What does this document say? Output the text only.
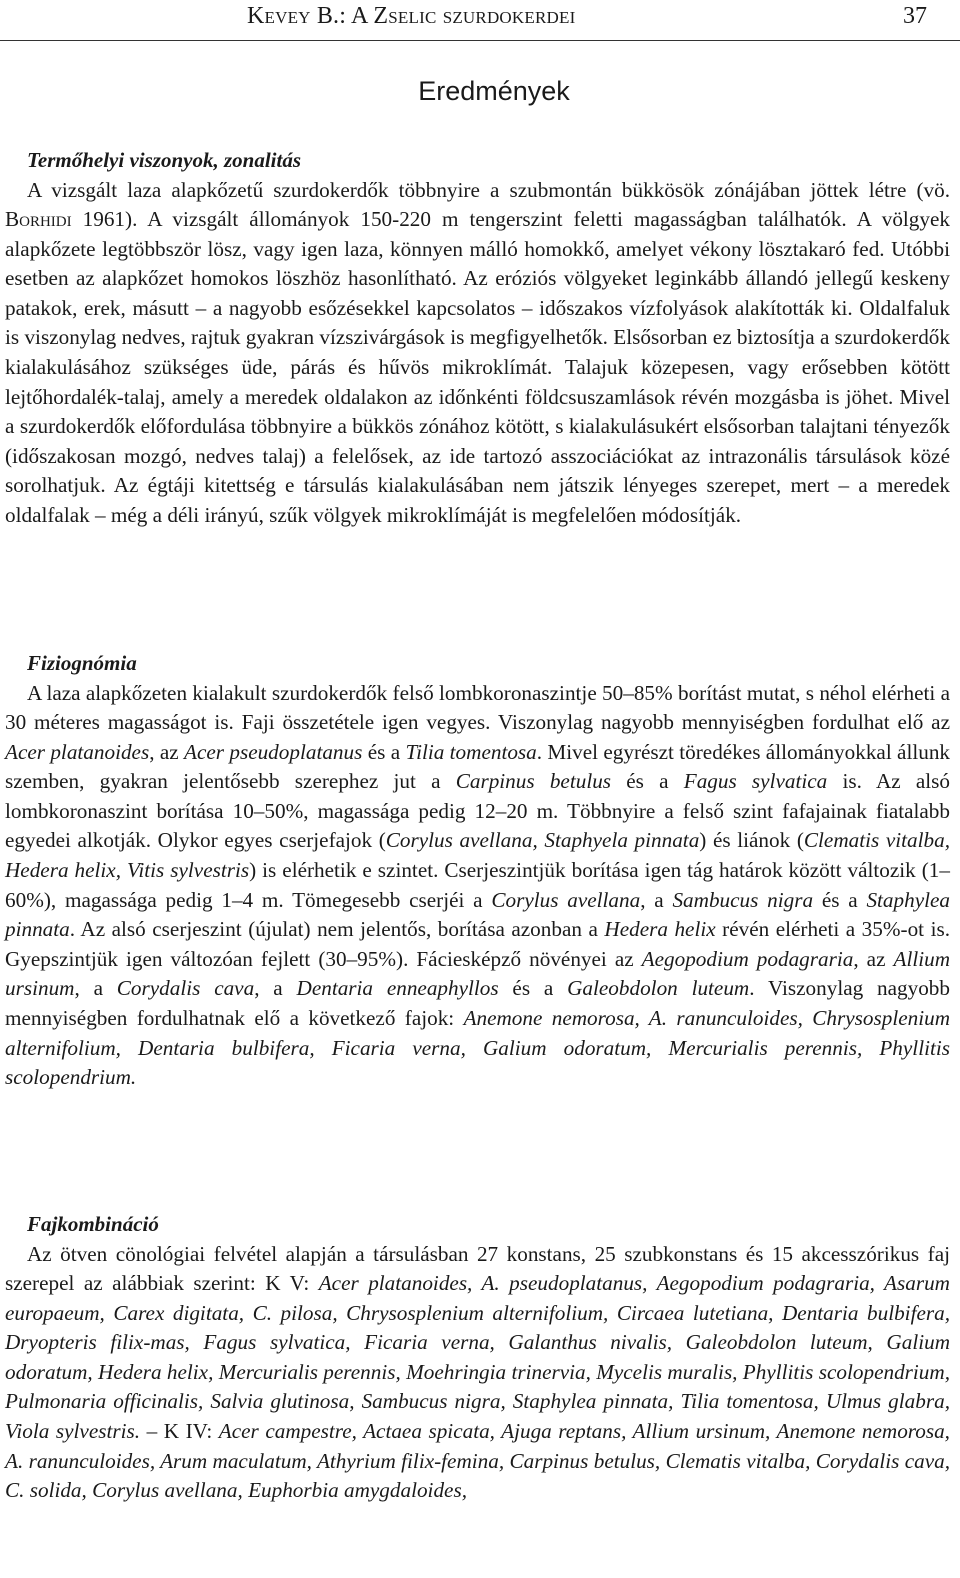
Kevey B.: A Zselic szurdokerdei	37
Eredmények
Termőhelyi viszonyok, zonalitás

A vizsgált laza alapkőzetű szurdokerdők többnyire a szubmontán bükkösök zónájában jöttek létre (vö. Borhidi 1961). A vizsgált állományok 150-220 m tengerszint feletti magasságban találhatók. A völgyek alapkőzete legtöbbször lösz, vagy igen laza, könnyen málló homokkő, amelyet vékony lösztakaró fed. Utóbbi esetben az alapkőzet homokos löszhöz hasonlítható. Az eróziós völgyeket leginkább állandó jellegű keskeny patakok, erek, másutt – a nagyobb esőzésekkel kapcsolatos – időszakos vízfolyások alakították ki. Oldalfaluk is viszonylag nedves, rajtuk gyakran vízszivárgások is megfigyelhetők. Elsősorban ez biztosítja a szurdokerdők kialakulásához szükséges üde, párás és hűvös mikroklímát. Talajuk közepesen, vagy erősebben kötött lejtőhordalék-talaj, amely a meredek oldalakon az időnkénti földcsuszamlások révén mozgásba is jöhet. Mivel a szurdokerdők előfordulása többnyire a bükkös zónához kötött, s kialakulásukért elsősorban talajtani tényezők (időszakosan mozgó, nedves talaj) a felelősek, az ide tartozó asszociációkat az intrazonális társulások közé sorolhatjuk. Az égtáji kitettség e társulás kialakulásában nem játszik lényeges szerepet, mert – a meredek oldalfalak – még a déli irányú, szűk völgyek mikroklímáját is megfelelően módosítják.

Fiziognómia

A laza alapkőzeten kialakult szurdokerdők felső lombkoronaszintje 50–85% borítást mutat, s néhol elérheti a 30 méteres magasságot is. Faji összetétele igen vegyes. Viszonylag nagyobb mennyiségben fordulhat elő az Acer platanoides, az Acer pseudoplatanus és a Tilia tomentosa. Mivel egyrészt töredékes állományokkal állunk szemben, gyakran jelentősebb szerephez jut a Carpinus betulus és a Fagus sylvatica is. Az alsó lombkoronaszint borítása 10–50%, magassága pedig 12–20 m. Többnyire a felső szint fafajainak fiatalabb egyedei alkotják. Olykor egyes cserjefajok (Corylus avellana, Staphyela pinnata) és liánok (Clematis vitalba, Hedera helix, Vitis sylvestris) is elérhetik e szintet. Cserjeszintjük borítása igen tág határok között változik (1–60%), magassága pedig 1–4 m. Tömegesebb cserjéi a Corylus avellana, a Sambucus nigra és a Staphylea pinnata. Az alsó cserjeszint (újulat) nem jelentős, borítása azonban a Hedera helix révén elérheti a 35%-ot is. Gyepszintjük igen változóan fejlett (30–95%). Fáciesképző növényei az Aegopodium podagraria, az Allium ursinum, a Corydalis cava, a Dentaria enneaphyllos és a Galeobdolon luteum. Viszonylag nagyobb mennyiségben fordulhatnak elő a következő fajok: Anemone nemorosa, A. ranunculoides, Chrysosplenium alternifolium, Dentaria bulbifera, Ficaria verna, Galium odoratum, Mercurialis perennis, Phyllitis scolopendrium.

Fajkombináció

Az ötven cönológiai felvétel alapján a társulásban 27 konstans, 25 szubkonstans és 15 akcesszórikus faj szerepel az alábbiak szerint: K V: Acer platanoides, A. pseudoplatanus, Aegopodium podagraria, Asarum europaeum, Carex digitata, C. pilosa, Chrysosplenium alternifolium, Circaea lutetiana, Dentaria bulbifera, Dryopteris filix-mas, Fagus sylvatica, Ficaria verna, Galanthus nivalis, Galeobdolon luteum, Galium odoratum, Hedera helix, Mercurialis perennis, Moehringia trinervia, Mycelis muralis, Phyllitis scolopendrium, Pulmonaria officinalis, Salvia glutinosa, Sambucus nigra, Staphylea pinnata, Tilia tomentosa, Ulmus glabra, Viola sylvestris. – K IV: Acer campestre, Actaea spicata, Ajuga reptans, Allium ursinum, Anemone nemorosa, A. ranunculoides, Arum maculatum, Athyrium filix-femina, Carpinus betulus, Clematis vitalba, Corydalis cava, C. solida, Corylus avellana, Euphorbia amygdaloides,
